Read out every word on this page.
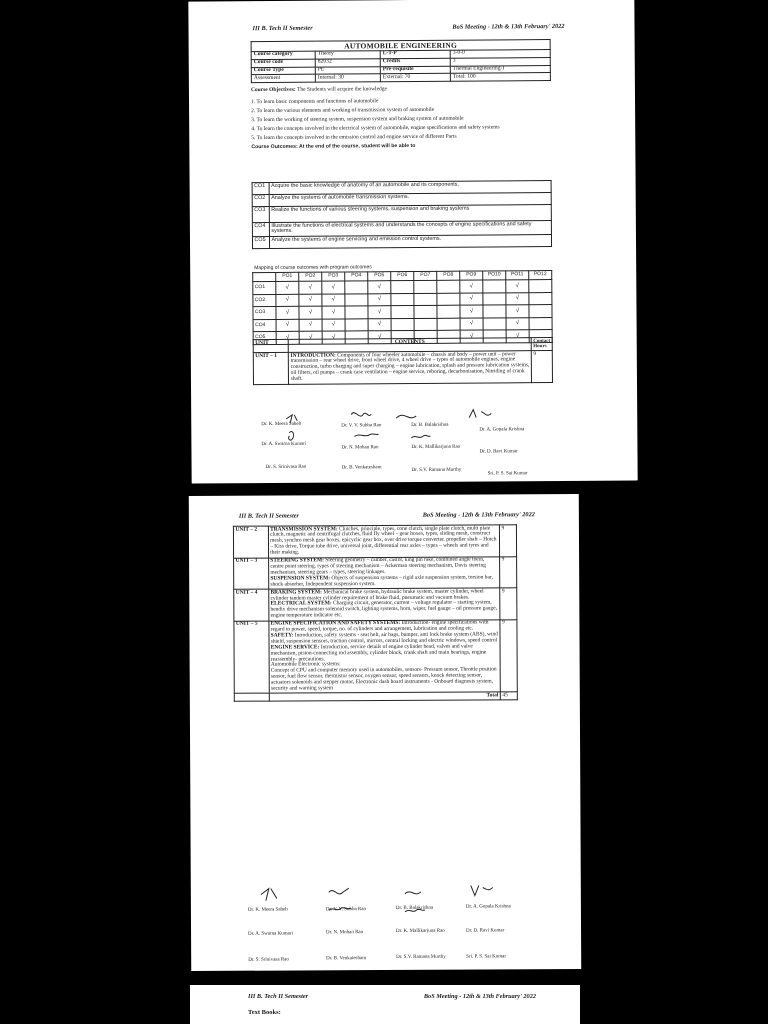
III B. Tech II Semester	BoS Meeting - 12th & 13th February' 2022
AUTOMOBILE ENGINEERING			
Course category	Theory	L-T-P	3-0-0
Course code	82032	Credits	3
Course Type	PE	Pre-requisite	Thermal Engineering-I
Assessment	Internal: 30	External: 70	Total: 100

Course Objectives: The Students will acquire the knowledge

1. To learn basic components and functions of automobile

2. To learn the various elements and working of transmission system of automobile

3. To learn the working of steering system, suspension system and braking system of automobile

4. To learn the concepts involved in the electrical system of automobile, engine specifications and safety systems

5. To learn the concepts involved in the emission control and engine service of different Parts

Course Outcomes: At the end of the course, student will be able to

CO1	Acquire the basic knowledge of anatomy of an automobile and its components.
CO2	Analyze the systems of automobile transmission systems.
CO3	Realize the functions of various steering systems, suspension and braking systems
CO4	Illustrate the functions of electrical systems and understands the concepts of engine specifications and safety systems.
CO5	Analyze the systems of engine servicing and emission control systems.
Mapping of course outcomes with program outcomes
	PO1	PO2	PO3	PO4	PO5	PO6	PO7	PO8	PO9	PO10	PO11	PO12
CO1	√	√	√		√				√		√	
CO2	√	√	√		√				√		√	
CO3	√	√	√		√				√		√	
CO4	√	√	√		√				√		√	
CO5	√	√	√		√				√		√	
UNIT	CONTENTS	Contact Hours
UNIT – 1	INTRODUCTION: Components of four wheeler automobile – chassis and body – power unit – power transmission – rear wheel drive, front wheel drive, 4 wheel drive – types of automobile engines, engine construction, turbo charging and super charging – engine lubrication, splash and pressure lubrication systems, oil filters, oil pumps – crank case ventilation – engine service, reboring, decarbonisation, Nitriding of crank shaft.	9
Dr. K. Meera Saheb	Dr. V. V. Subba Rao	Dr. B. Balakrishna
Dr. A. Gopala Krishna
Dr. A. Swarna Kumari
Dr. N. Mohan Rao	Dr. K. Mallikarjuna Rao
Dr. D. Ravi Kumar
Dr. S. Srinivasa Rao	Dr. B. Venkatesham	Dr. S.V. Ramana Murthy
Sri. P. S. Sai Kumar
III B. Tech II Semester	BoS Meeting - 12th & 13th February' 2022
UNIT – 2	TRANSMISSION SYSTEM: Clutches, principle, types, cone clutch, single plate clutch, multi plate clutch, magnetic and centrifugal clutches, fluid fly wheel – gear boxes, types, sliding mesh, construct mesh, synchro mesh gear boxes, epicyclic gear box, over drive torque converter. propeller shaft – Hotch – Kiss drive, Torque tube drive, universal joint, differential rear axles – types – wheels and tyres and their making.	9
UNIT – 3	STEERING SYSTEM: Steering geometry – camber, castor, king pin rake, combined angle toein, centre point steering. types of steering mechanism – Ackerman steering mechanism, Davis steering mechanism, steering gears – types, steering linkages.
SUSPENSION SYSTEM: Objects of suspension systems – rigid axle suspension system, torsion bar, shock absorber, Independent suspension system.	9
UNIT – 4	BRAKING SYSTEM: Mechanical brake system, hydraulic brake system, master cylinder, wheel cylinder tandem master cylinder requirement of brake fluid, pneumatic and vacuum brakes.
ELECTRICAL SYSTEM: Charging circuit, generator, current – voltage regulator – starting system, bendix drive mechanism solenoid switch, lighting systems, horn, wiper, fuel gauge – oil pressure gauge, engine temperature indicator etc.	9
UNIT – 5	ENGINE SPECIFICATION AND SAFETY SYSTEMS: Introduction- engine specifications with regard to power, speed, torque, no. of cylinders and arrangement, lubrication and cooling etc.
SAFETY: Introduction, safety systems - seat belt, air bags, bumper, anti lock brake system (ABS), wind shield, suspension sensors, traction control, mirrors, central locking and electric windows, speed control
ENGINE SERVICE: Introduction, service details of engine cylinder head, valves and valve mechanism, piston-connecting rod assembly, cylinder block, crank shaft and main bearings, engine reassembly- precautions.
Automobile Electronic systems:
Concept of CPU and computer memory used in automobiles, sensors- Pressure sensor, Throttle position sensor, fuel flow sensor, thermistor sensor, oxygen sensor, speed sensors, knock detecting sensor, actuators solenoids and stepper motor, Electronic dash board instruments - Onboard diagnosis system, security and warning system	9
	Total	45
Dr. K. Meera Saheb	Dr. V. V. Subba Rao	Dr. B. Balakrishna	Dr. A. Gopala Krishna
Dr. A. Swarna Kumari	Dr. N. Mohan Rao	Dr. K. Mallikarjuna Rao	Dr. D. Ravi Kumar
Dr. S. Srinivasa Rao	Dr. B. Venkatesham	Dr. S.V. Ramana Murthy	Sri. P. S. Sai Kumar
III B. Tech II Semester	BoS Meeting - 12th & 13th February' 2022
Text Books:
